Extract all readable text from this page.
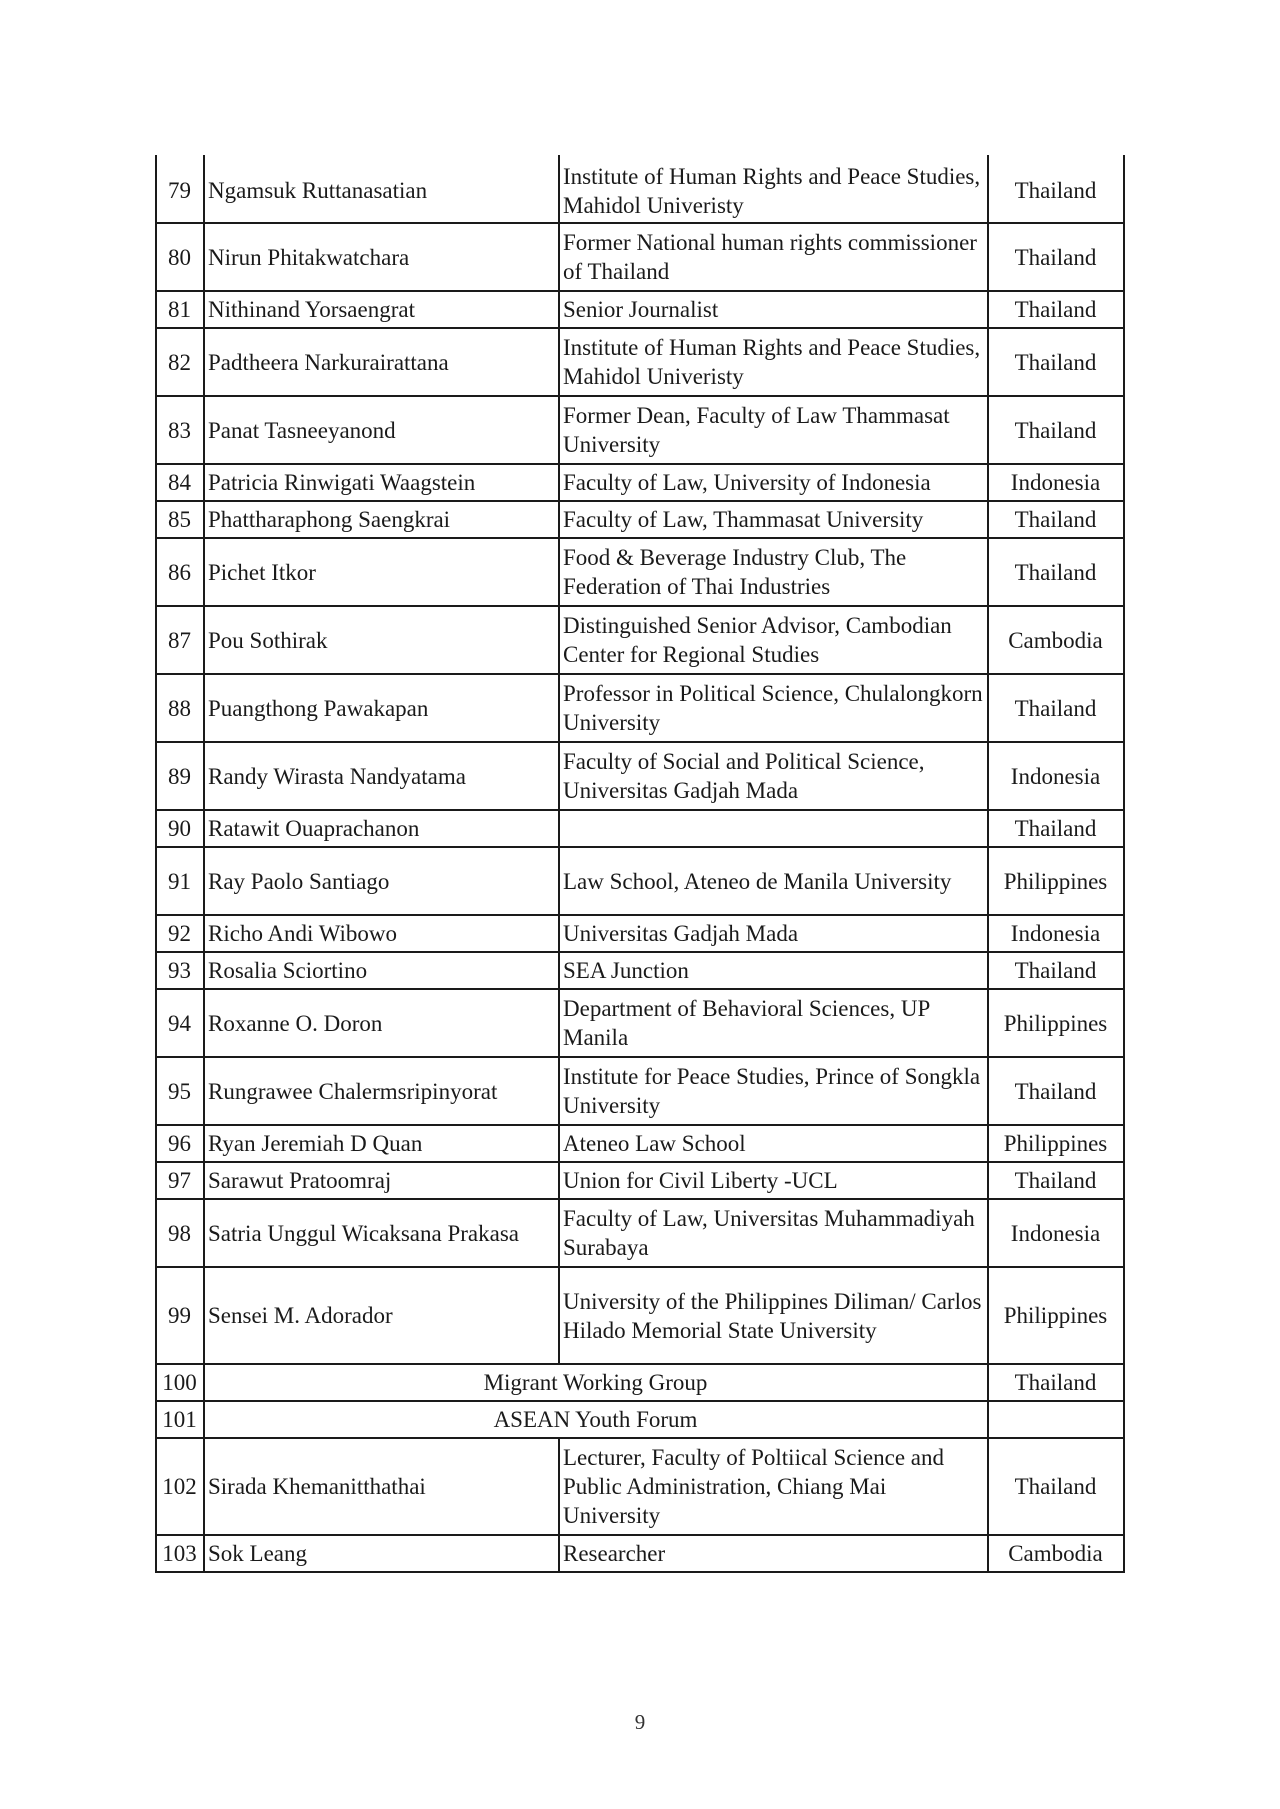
79	Ngamsuk Ruttanasatian	Institute of Human Rights and Peace Studies, Mahidol Univeristy	Thailand
80	Nirun Phitakwatchara	Former National human rights commissioner of Thailand	Thailand
81	Nithinand Yorsaengrat	Senior Journalist	Thailand
82	Padtheera Narkurairattana	Institute of Human Rights and Peace Studies, Mahidol Univeristy	Thailand
83	Panat Tasneeyanond	Former Dean, Faculty of Law Thammasat University	Thailand
84	Patricia Rinwigati Waagstein	Faculty of Law, University of Indonesia	Indonesia
85	Phattharaphong Saengkrai	Faculty of Law, Thammasat University	Thailand
86	Pichet Itkor	Food & Beverage Industry Club, The Federation of Thai Industries	Thailand
87	Pou Sothirak	Distinguished Senior Advisor, Cambodian Center for Regional Studies	Cambodia
88	Puangthong Pawakapan	Professor in Political Science, Chulalongkorn University	Thailand
89	Randy Wirasta Nandyatama	Faculty of Social and Political Science, Universitas Gadjah Mada	Indonesia
90	Ratawit Ouaprachanon		Thailand
91	Ray Paolo Santiago	Law School, Ateneo de Manila University	Philippines
92	Richo Andi Wibowo	Universitas Gadjah Mada	Indonesia
93	Rosalia Sciortino	SEA Junction	Thailand
94	Roxanne O. Doron	Department of Behavioral Sciences, UP Manila	Philippines
95	Rungrawee Chalermsripinyorat	Institute for Peace Studies, Prince of Songkla University	Thailand
96	Ryan Jeremiah D Quan	Ateneo Law School	Philippines
97	Sarawut Pratoomraj	Union for Civil Liberty -UCL	Thailand
98	Satria Unggul Wicaksana Prakasa	Faculty of Law, Universitas Muhammadiyah Surabaya	Indonesia
99	Sensei M. Adorador	University of the Philippines Diliman/ Carlos Hilado Memorial State University	Philippines
100	Migrant Working Group		Thailand
101	ASEAN Youth Forum		
102	Sirada Khemanitthathai	Lecturer, Faculty of Poltiical Science and Public Administration, Chiang Mai University	Thailand
103	Sok Leang	Researcher	Cambodia
9
